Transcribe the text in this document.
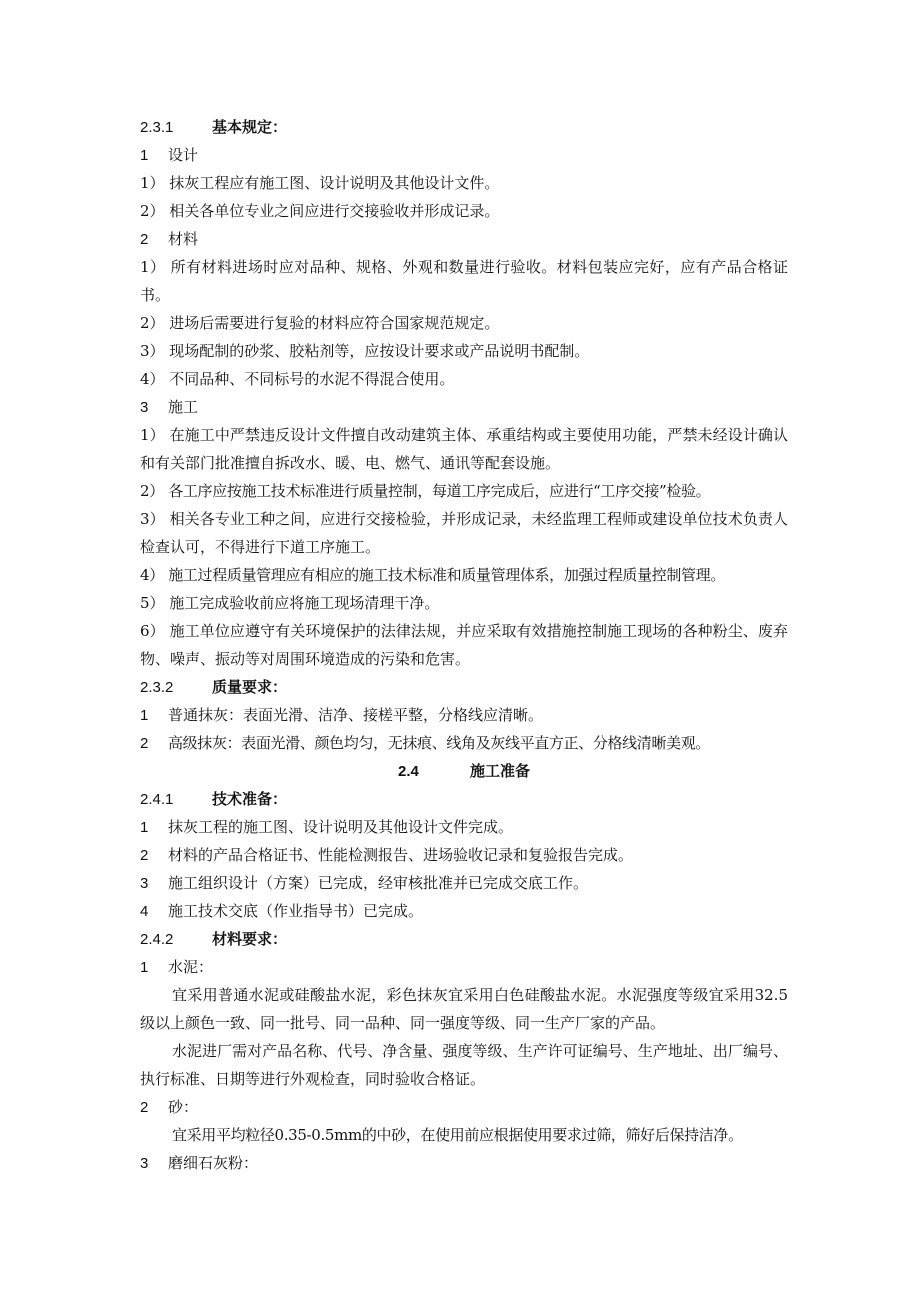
2.3.1	基本规定：
1 设计
1） 抹灰工程应有施工图、设计说明及其他设计文件。
2） 相关各单位专业之间应进行交接验收并形成记录。
2 材料
1） 所有材料进场时应对品种、规格、外观和数量进行验收。材料包装应完好，应有产品合格证书。
2） 进场后需要进行复验的材料应符合国家规范规定。
3） 现场配制的砂浆、胶粘剂等，应按设计要求或产品说明书配制。
4） 不同品种、不同标号的水泥不得混合使用。
3 施工
1） 在施工中严禁违反设计文件擅自改动建筑主体、承重结构或主要使用功能，严禁未经设计确认和有关部门批准擅自拆改水、暖、电、燃气、通讯等配套设施。
2） 各工序应按施工技术标准进行质量控制，每道工序完成后，应进行“工序交接”检验。
3） 相关各专业工种之间，应进行交接检验，并形成记录，未经监理工程师或建设单位技术负责人检查认可，不得进行下道工序施工。
4） 施工过程质量管理应有相应的施工技术标准和质量管理体系，加强过程质量控制管理。
5） 施工完成验收前应将施工现场清理干净。
6） 施工单位应遵守有关环境保护的法律法规，并应采取有效措施控制施工现场的各种粉尘、废弃物、噪声、振动等对周围环境造成的污染和危害。
2.3.2	质量要求：
1 普通抹灰：表面光滑、洁净、接槎平整，分格线应清晰。
2 高级抹灰：表面光滑、颜色均匀，无抹痕、线角及灰线平直方正、分格线清晰美观。
2.4	施工准备
2.4.1	技术准备：
1 抹灰工程的施工图、设计说明及其他设计文件完成。
2 材料的产品合格证书、性能检测报告、进场验收记录和复验报告完成。
3 施工组织设计（方案）已完成，经审核批准并已完成交底工作。
4 施工技术交底（作业指导书）已完成。
2.4.2	材料要求：
1 水泥：
宜采用普通水泥或硅酸盐水泥，彩色抹灰宜采用白色硅酸盐水泥。水泥强度等级宜采用32.5级以上颜色一致、同一批号、同一品种、同一强度等级、同一生产厂家的产品。
水泥进厂需对产品名称、代号、净含量、强度等级、生产许可证编号、生产地址、出厂编号、执行标准、日期等进行外观检查，同时验收合格证。
2 砂：
宜采用平均粒径0.35-0.5mm的中砂，在使用前应根据使用要求过筛，筛好后保持洁净。
3 磨细石灰粉：
